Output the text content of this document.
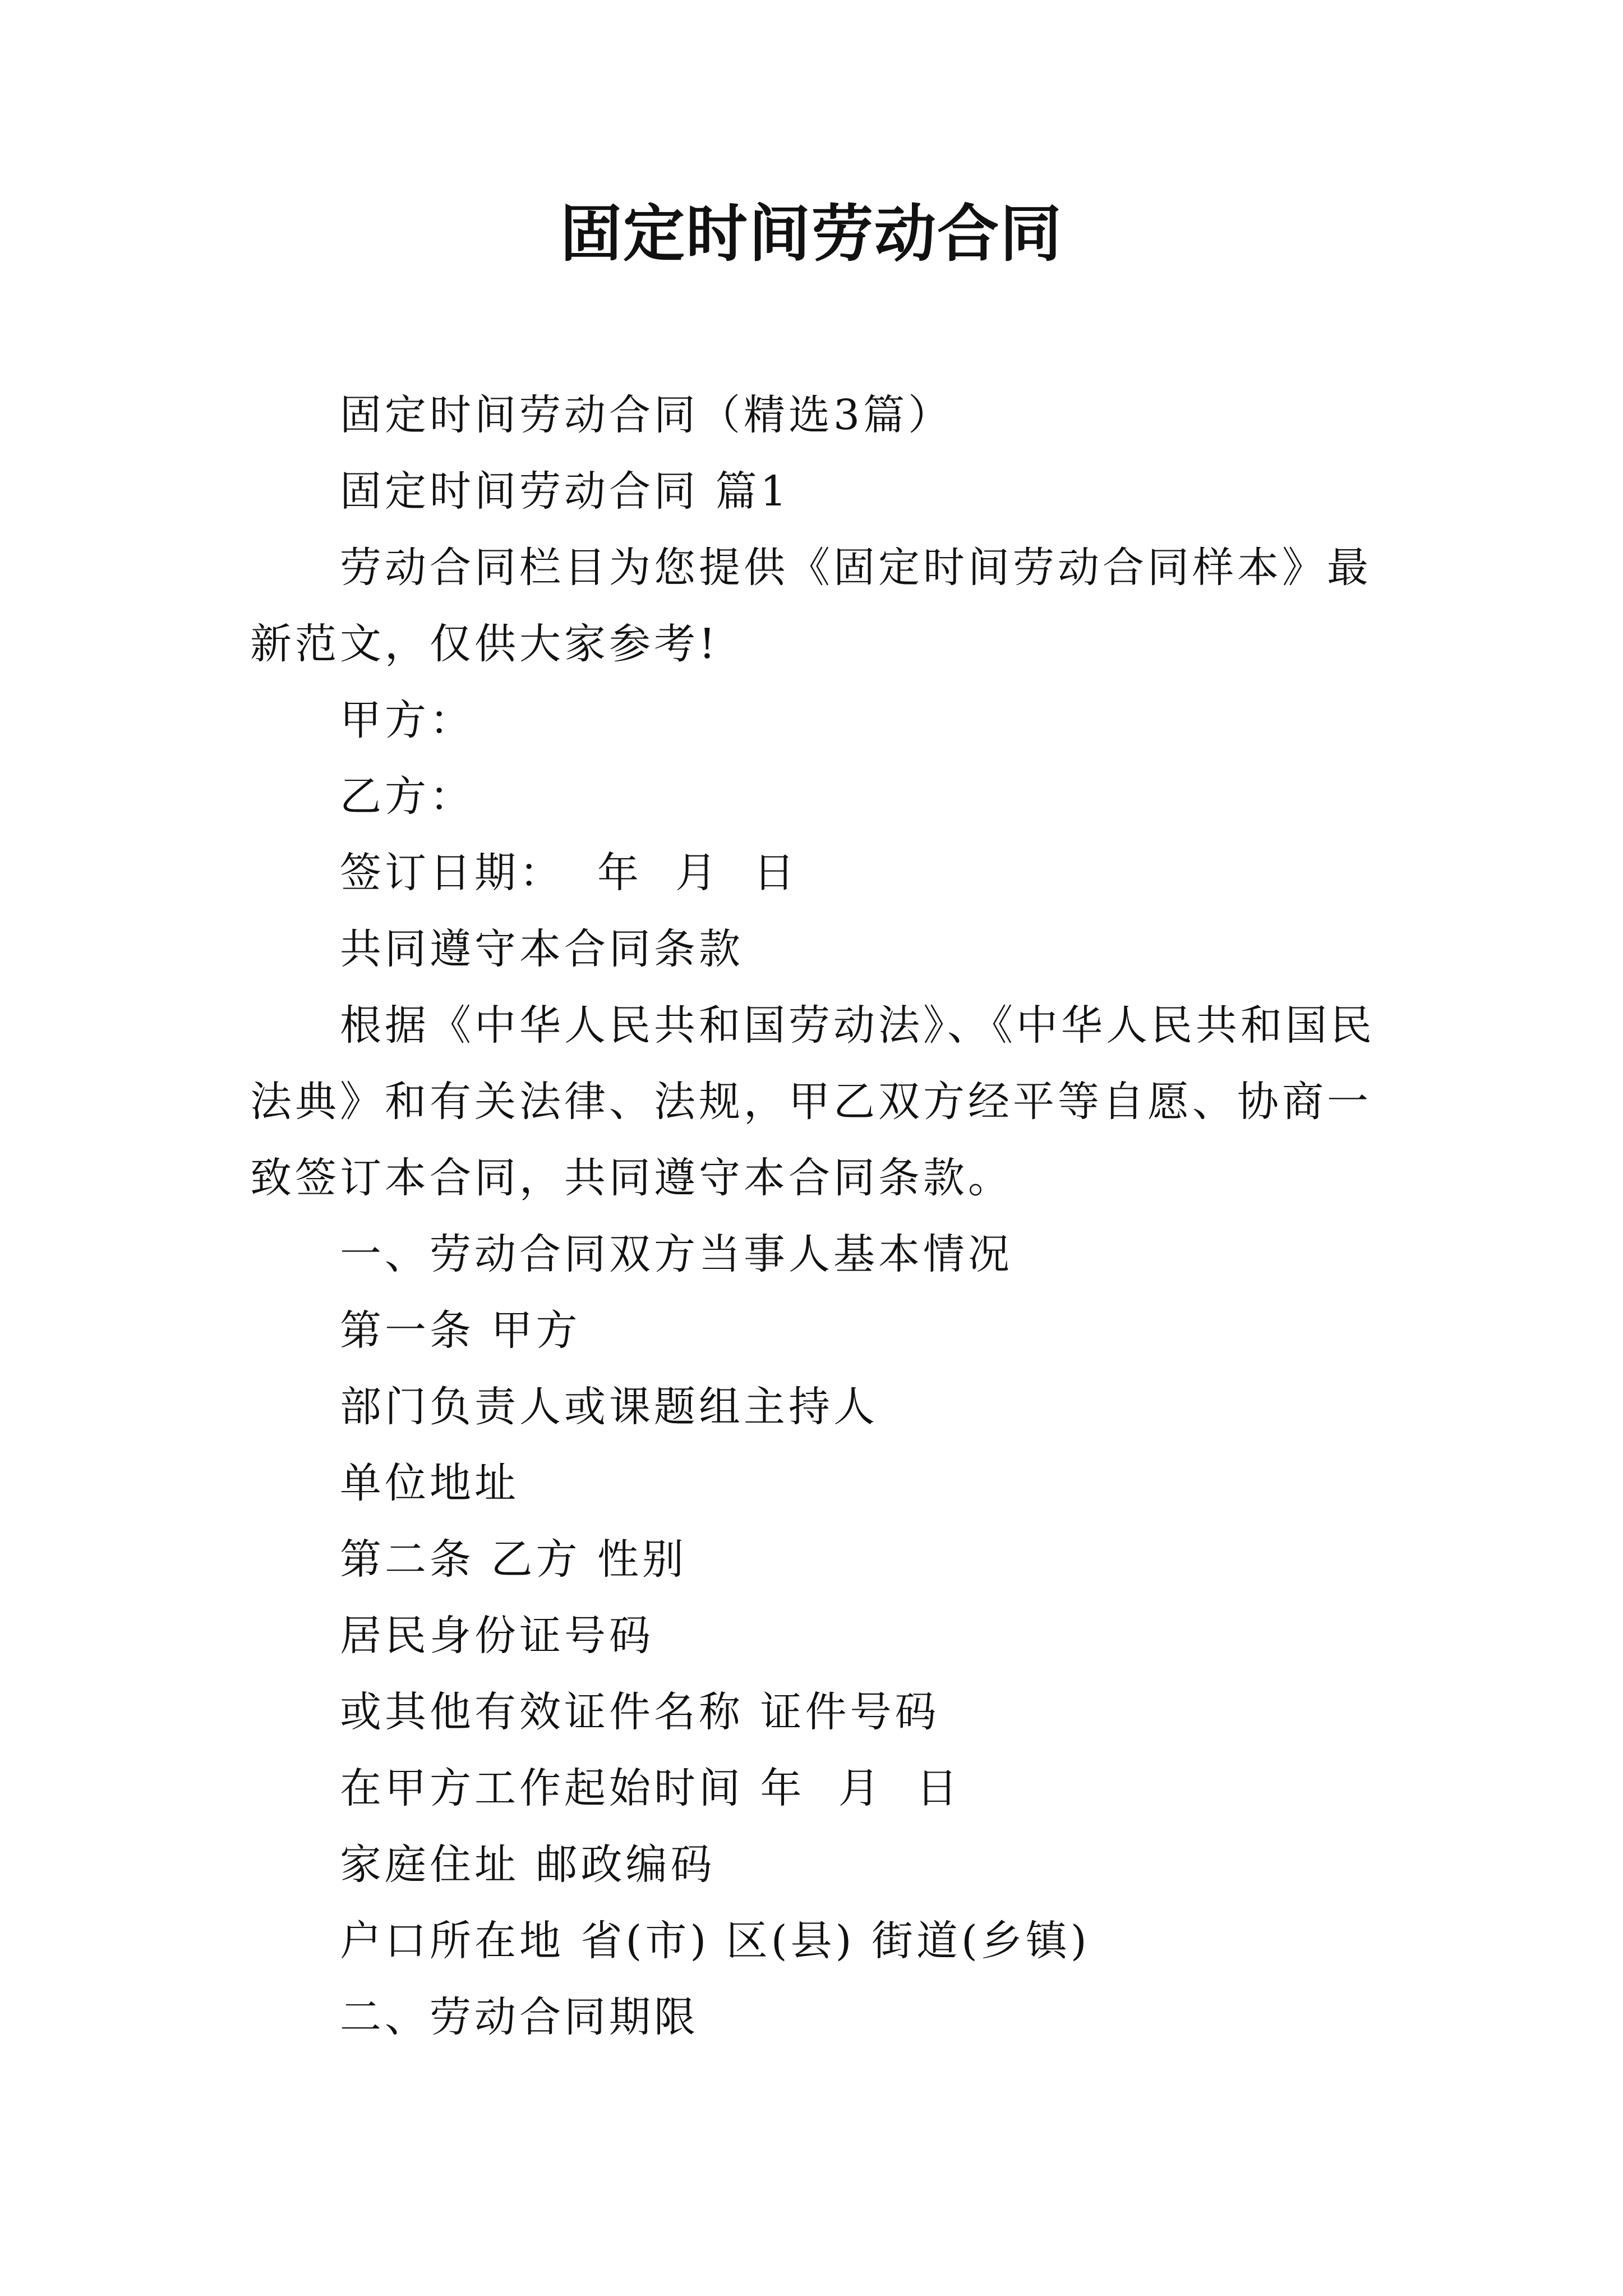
固定时间劳动合同

固定时间劳动合同（精选3篇）

固定时间劳动合同 篇1

劳动合同栏目为您提供《固定时间劳动合同样本》最新范文，仅供大家参考!

甲方：

乙方：

签订日期：  年  月  日

共同遵守本合同条款

根据《中华人民共和国劳动法》、《中华人民共和国民法典》和有关法律、法规，甲乙双方经平等自愿、协商一致签订本合同，共同遵守本合同条款。

一、劳动合同双方当事人基本情况

第一条 甲方

部门负责人或课题组主持人

单位地址

第二条 乙方 性别

居民身份证号码

或其他有效证件名称 证件号码

在甲方工作起始时间 年  月  日

家庭住址 邮政编码

户口所在地 省(市) 区(县) 街道(乡镇)

二、劳动合同期限
